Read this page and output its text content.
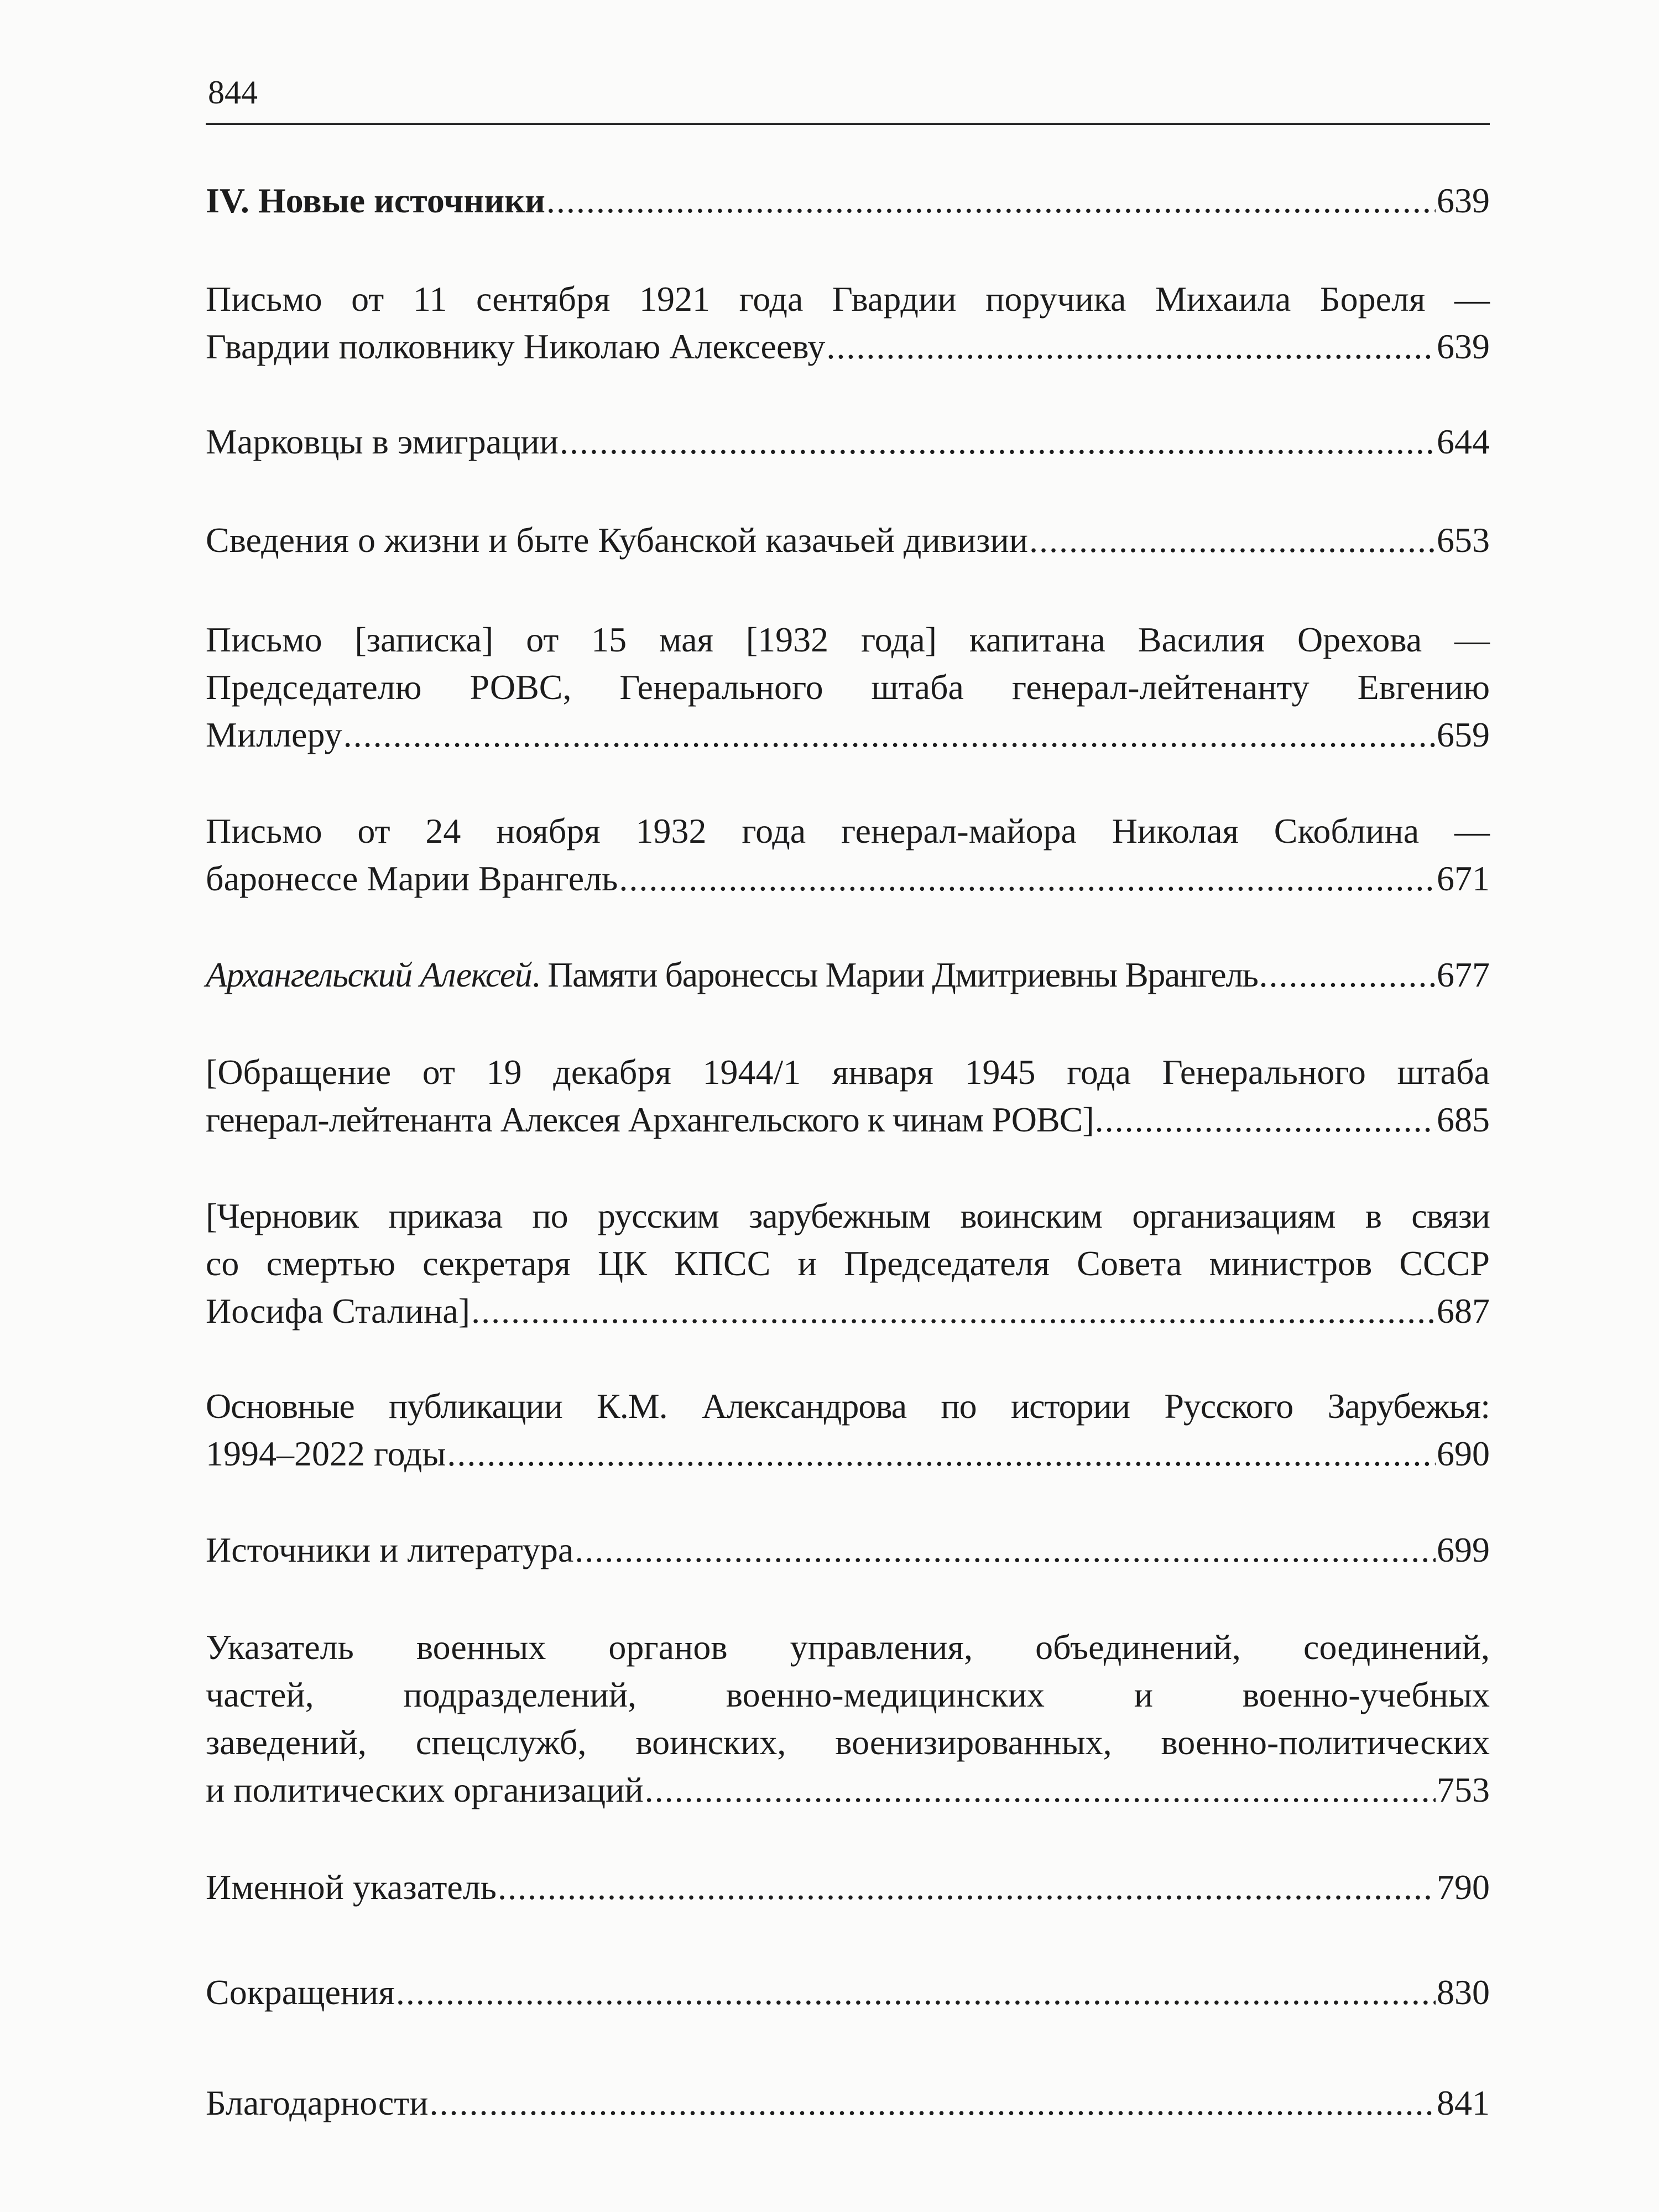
844
IV. Новые источники .....	639
Письмо от 11 сентября 1921 года Гвардии поручика Михаила Бореля —
Гвардии полковнику Николаю Алексееву .....	639
Марковцы в эмиграции .....	644
Сведения о жизни и быте Кубанской казачьей дивизии .....	653
Письмо [записка] от 15 мая [1932 года] капитана Василия Орехова —
Председателю РОВС, Генерального штаба генерал-лейтенанту Евгению
Миллеру .....	659
Письмо от 24 ноября 1932 года генерал-майора Николая Скоблина —
баронессе Марии Врангель .....	671
Архангельский Алексей. Памяти баронессы Марии Дмитриевны Врангель .....	677
[Обращение от 19 декабря 1944/1 января 1945 года Генерального штаба
генерал-лейтенанта Алексея Архангельского к чинам РОВС] .....	685
[Черновик приказа по русским зарубежным воинским организациям в связи
со смертью секретаря ЦК КПСС и Председателя Совета министров СССР
Иосифа Сталина] .....	687
Основные публикации К.М. Александрова по истории Русского Зарубежья:
1994–2022 годы .....	690
Источники и литература .....	699
Указатель военных органов управления, объединений, соединений,
частей, подразделений, военно-медицинских и военно-учебных
заведений, спецслужб, воинских, военизированных, военно-политических
и политических организаций .....	753
Именной указатель .....	790
Сокращения .....	830
Благодарности .....	841
